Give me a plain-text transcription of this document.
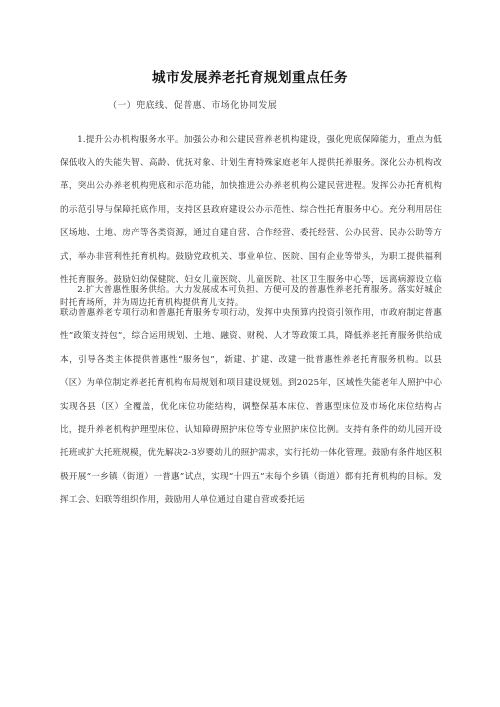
城市发展养老托育规划重点任务
（一）兜底线、促普惠、市场化协同发展

1.提升公办机构服务水平。加强公办和公建民营养老机构建设，强化兜底保障能力，重点为低保低收入的失能失智、高龄、优抚对象、计划生育特殊家庭老年人提供托养服务。深化公办机构改革，突出公办养老机构兜底和示范功能，加快推进公办养老机构公建民营进程。发挥公办托育机构的示范引导与保障托底作用，支持区县政府建设公办示范性、综合性托育服务中心。充分利用居住区场地、土地、房产等各类资源，通过自建自营、合作经营、委托经营、公办民营、民办公助等方式，举办非营利性托育机构。鼓励党政机关、事业单位、医院、国有企业等带头，为职工提供福利性托育服务。鼓励妇幼保健院、妇女儿童医院、儿童医院、社区卫生服务中心等，远离病源设立临时托育场所，并为周边托育机构提供育儿支持。

2.扩大普惠性服务供给。大力发展成本可负担、方便可及的普惠性养老托育服务。落实好城企联动普惠养老专项行动和普惠托育服务专项行动，发挥中央预算内投资引领作用，市政府制定普惠性”政策支持包”，综合运用规划、土地、融资、财税、人才等政策工具，降低养老托育服务供给成本，引导各类主体提供普惠性“服务包”，新建、扩建、改建一批普惠性养老托育服务机构。以县（区）为单位制定养老托育机构布局规划和项目建设规划。到2025年，区域性失能老年人照护中心实现各县（区）全覆盖，优化床位功能结构，调整保基本床位、普惠型床位及市场化床位结构占比，提升养老机构护理型床位、认知障碍照护床位等专业照护床位比例。支持有条件的幼儿园开设托班或扩大托班规模，优先解决2-3岁婴幼儿的照护需求，实行托幼一体化管理。鼓励有条件地区积极开展“一乡镇（街道）一普惠”试点，实现“十四五”末每个乡镇（街道）都有托育机构的目标。发挥工会、妇联等组织作用，鼓励用人单位通过自建自营或委托运
